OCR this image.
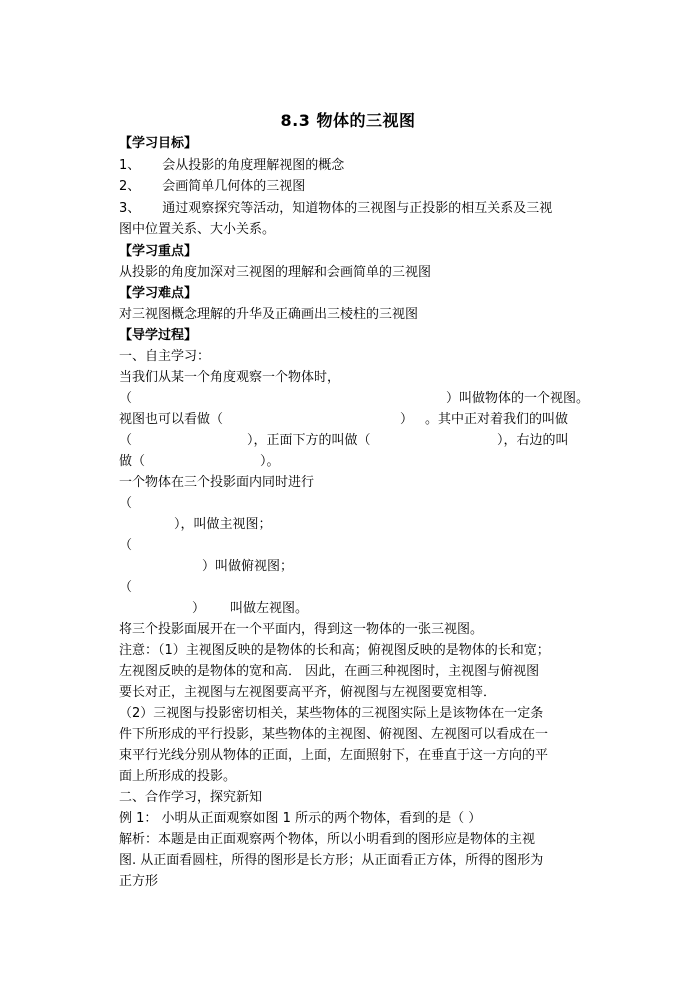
8.3 物体的三视图
【学习目标】
1、 会从投影的角度理解视图的概念
2、 会画简单几何体的三视图
3、 通过观察探究等活动，知道物体的三视图与正投影的相互关系及三视
图中位置关系、大小关系。
【学习重点】
从投影的角度加深对三视图的理解和会画简单的三视图
【学习难点】
对三视图概念理解的升华及正确画出三棱柱的三视图
【导学过程】
一、自主学习：
当我们从某一个角度观察一个物体时，
（	）叫做物体的一个视图。
视图也可以看做（	） 。其中正对着我们的叫做
（	），正面下方的叫做（	），右边的叫
做（	）。
一个物体在三个投影面内同时进行
（
），叫做主视图；
（
）叫做俯视图；
（
） 叫做左视图。
将三个投影面展开在一个平面内，得到这一物体的一张三视图。
注意：（1）主视图反映的是物体的长和高；俯视图反映的是物体的长和宽；
左视图反映的是物体的宽和高． 因此，在画三种视图时，主视图与俯视图
要长对正，主视图与左视图要高平齐，俯视图与左视图要宽相等．
（2）三视图与投影密切相关，某些物体的三视图实际上是该物体在一定条
件下所形成的平行投影，某些物体的主视图、俯视图、左视图可以看成在一
束平行光线分别从物体的正面，上面，左面照射下，在垂直于这一方向的平
面上所形成的投影。
二、合作学习，探究新知
例 1： 小明从正面观察如图 1 所示的两个物体，看到的是（ ）
解析：本题是由正面观察两个物体，所以小明看到的图形应是物体的主视
图. 从正面看圆柱，所得的图形是长方形；从正面看正方体，所得的图形为
正方形
